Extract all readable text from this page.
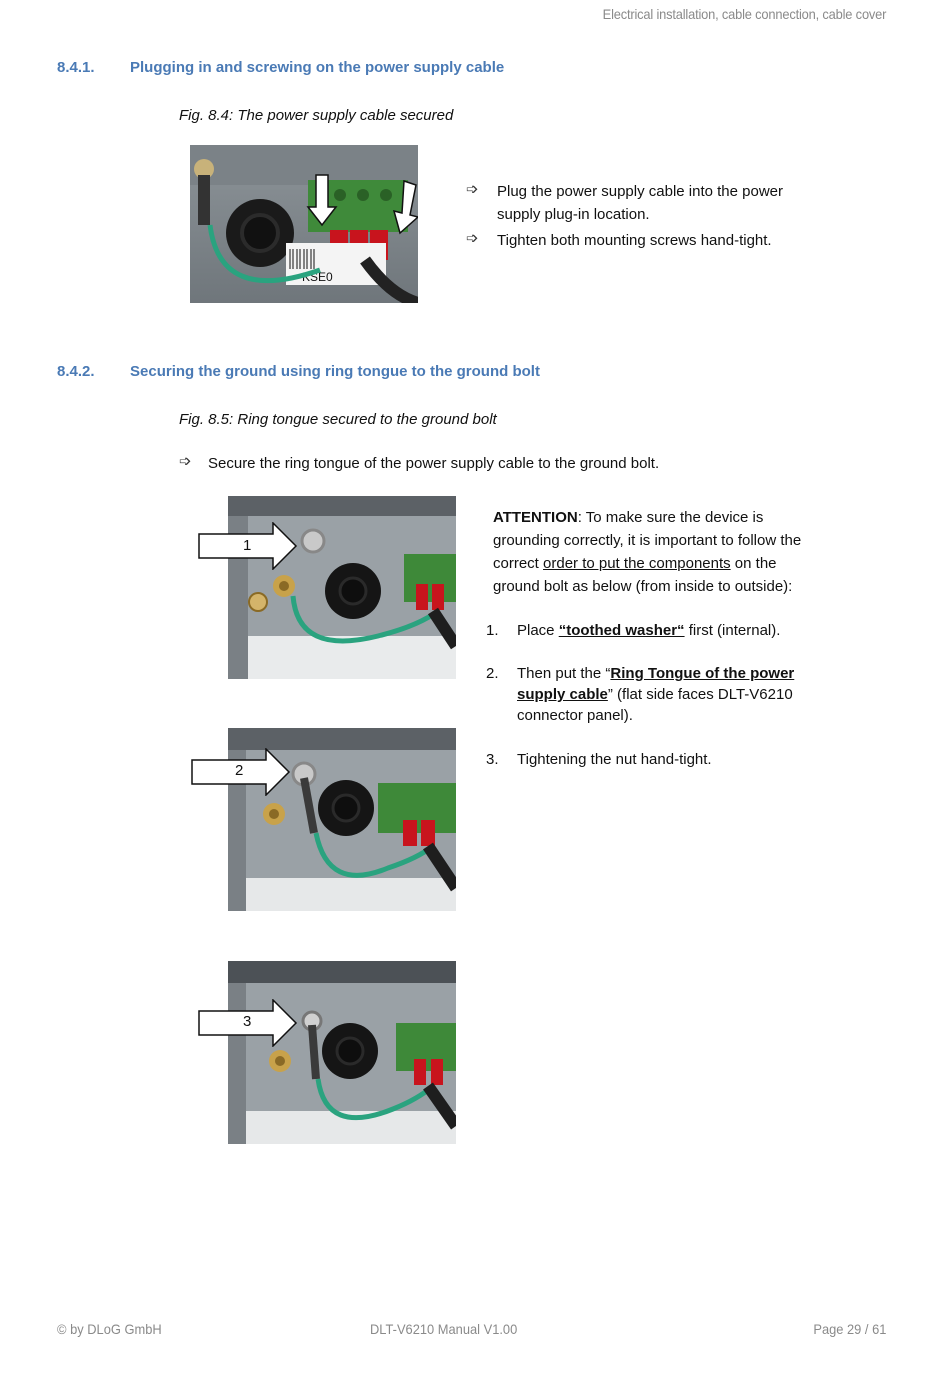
Electrical installation, cable connection, cable cover
8.4.1. Plugging in and screwing on the power supply cable
Fig. 8.4: The power supply cable secured
KSE0
➩ Plug the power supply cable into the power
supply plug-in location.
➩ Tighten both mounting screws hand-tight.
8.4.2. Securing the ground using ring tongue to the ground bolt
Fig. 8.5: Ring tongue secured to the ground bolt
➩ Secure the ring tongue of the power supply cable to the ground bolt.
1
2
3
ATTENTION: To make sure the device is
grounding correctly, it is important to follow the
correct order to put the components on the
ground bolt as below (from inside to outside):
1. Place “toothed washer“ first (internal).
2. Then put the “Ring Tongue of the power
supply cable” (flat side faces DLT-V6210
connector panel).
3. Tightening the nut hand-tight.
© by DLoG GmbH	DLT-V6210 Manual V1.00	Page 29 / 61
